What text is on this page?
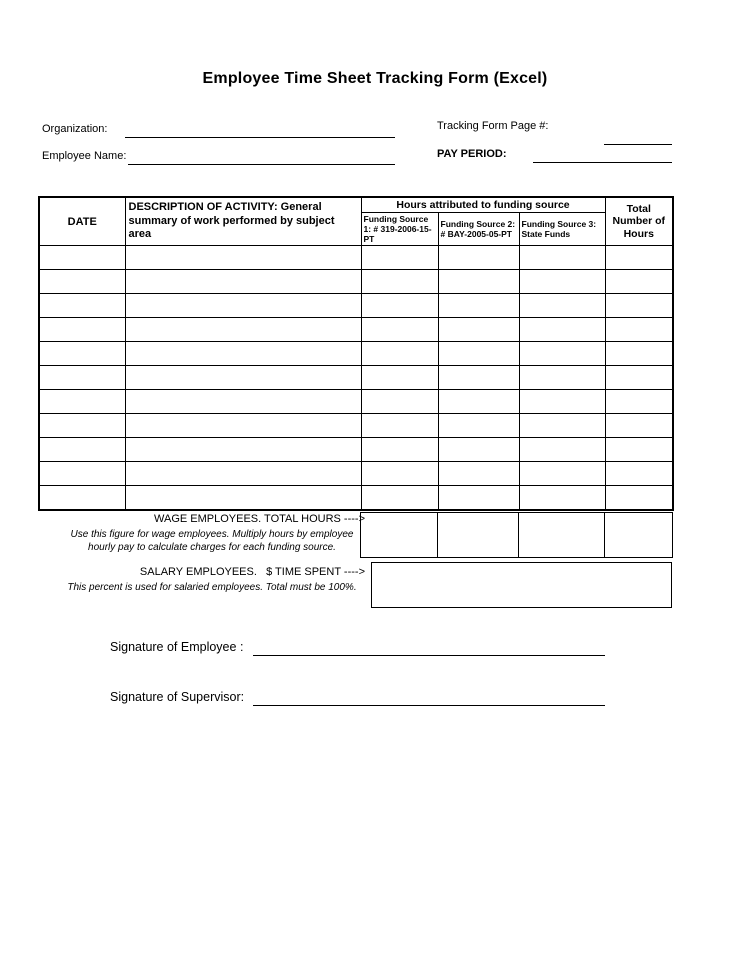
Employee Time Sheet Tracking Form (Excel)
Organization:	Tracking Form Page #:
Employee Name:	PAY PERIOD:
DATE	DESCRIPTION OF ACTIVITY: General summary of work performed by subject area	Hours attributed to funding source			Total Number of Hours
		Funding Source 1: # 319-2006-15-PT	Funding Source 2: # BAY-2005-05-PT	Funding Source 3: State Funds	

WAGE EMPLOYEES. TOTAL HOURS ---->
Use this figure for wage employees. Multiply hours by employee
hourly pay to calculate charges for each funding source.

SALARY EMPLOYEES.   $ TIME SPENT ---->
This percent is used for salaried employees. Total must be 100%.
Signature of Employee :
Signature of Supervisor:
